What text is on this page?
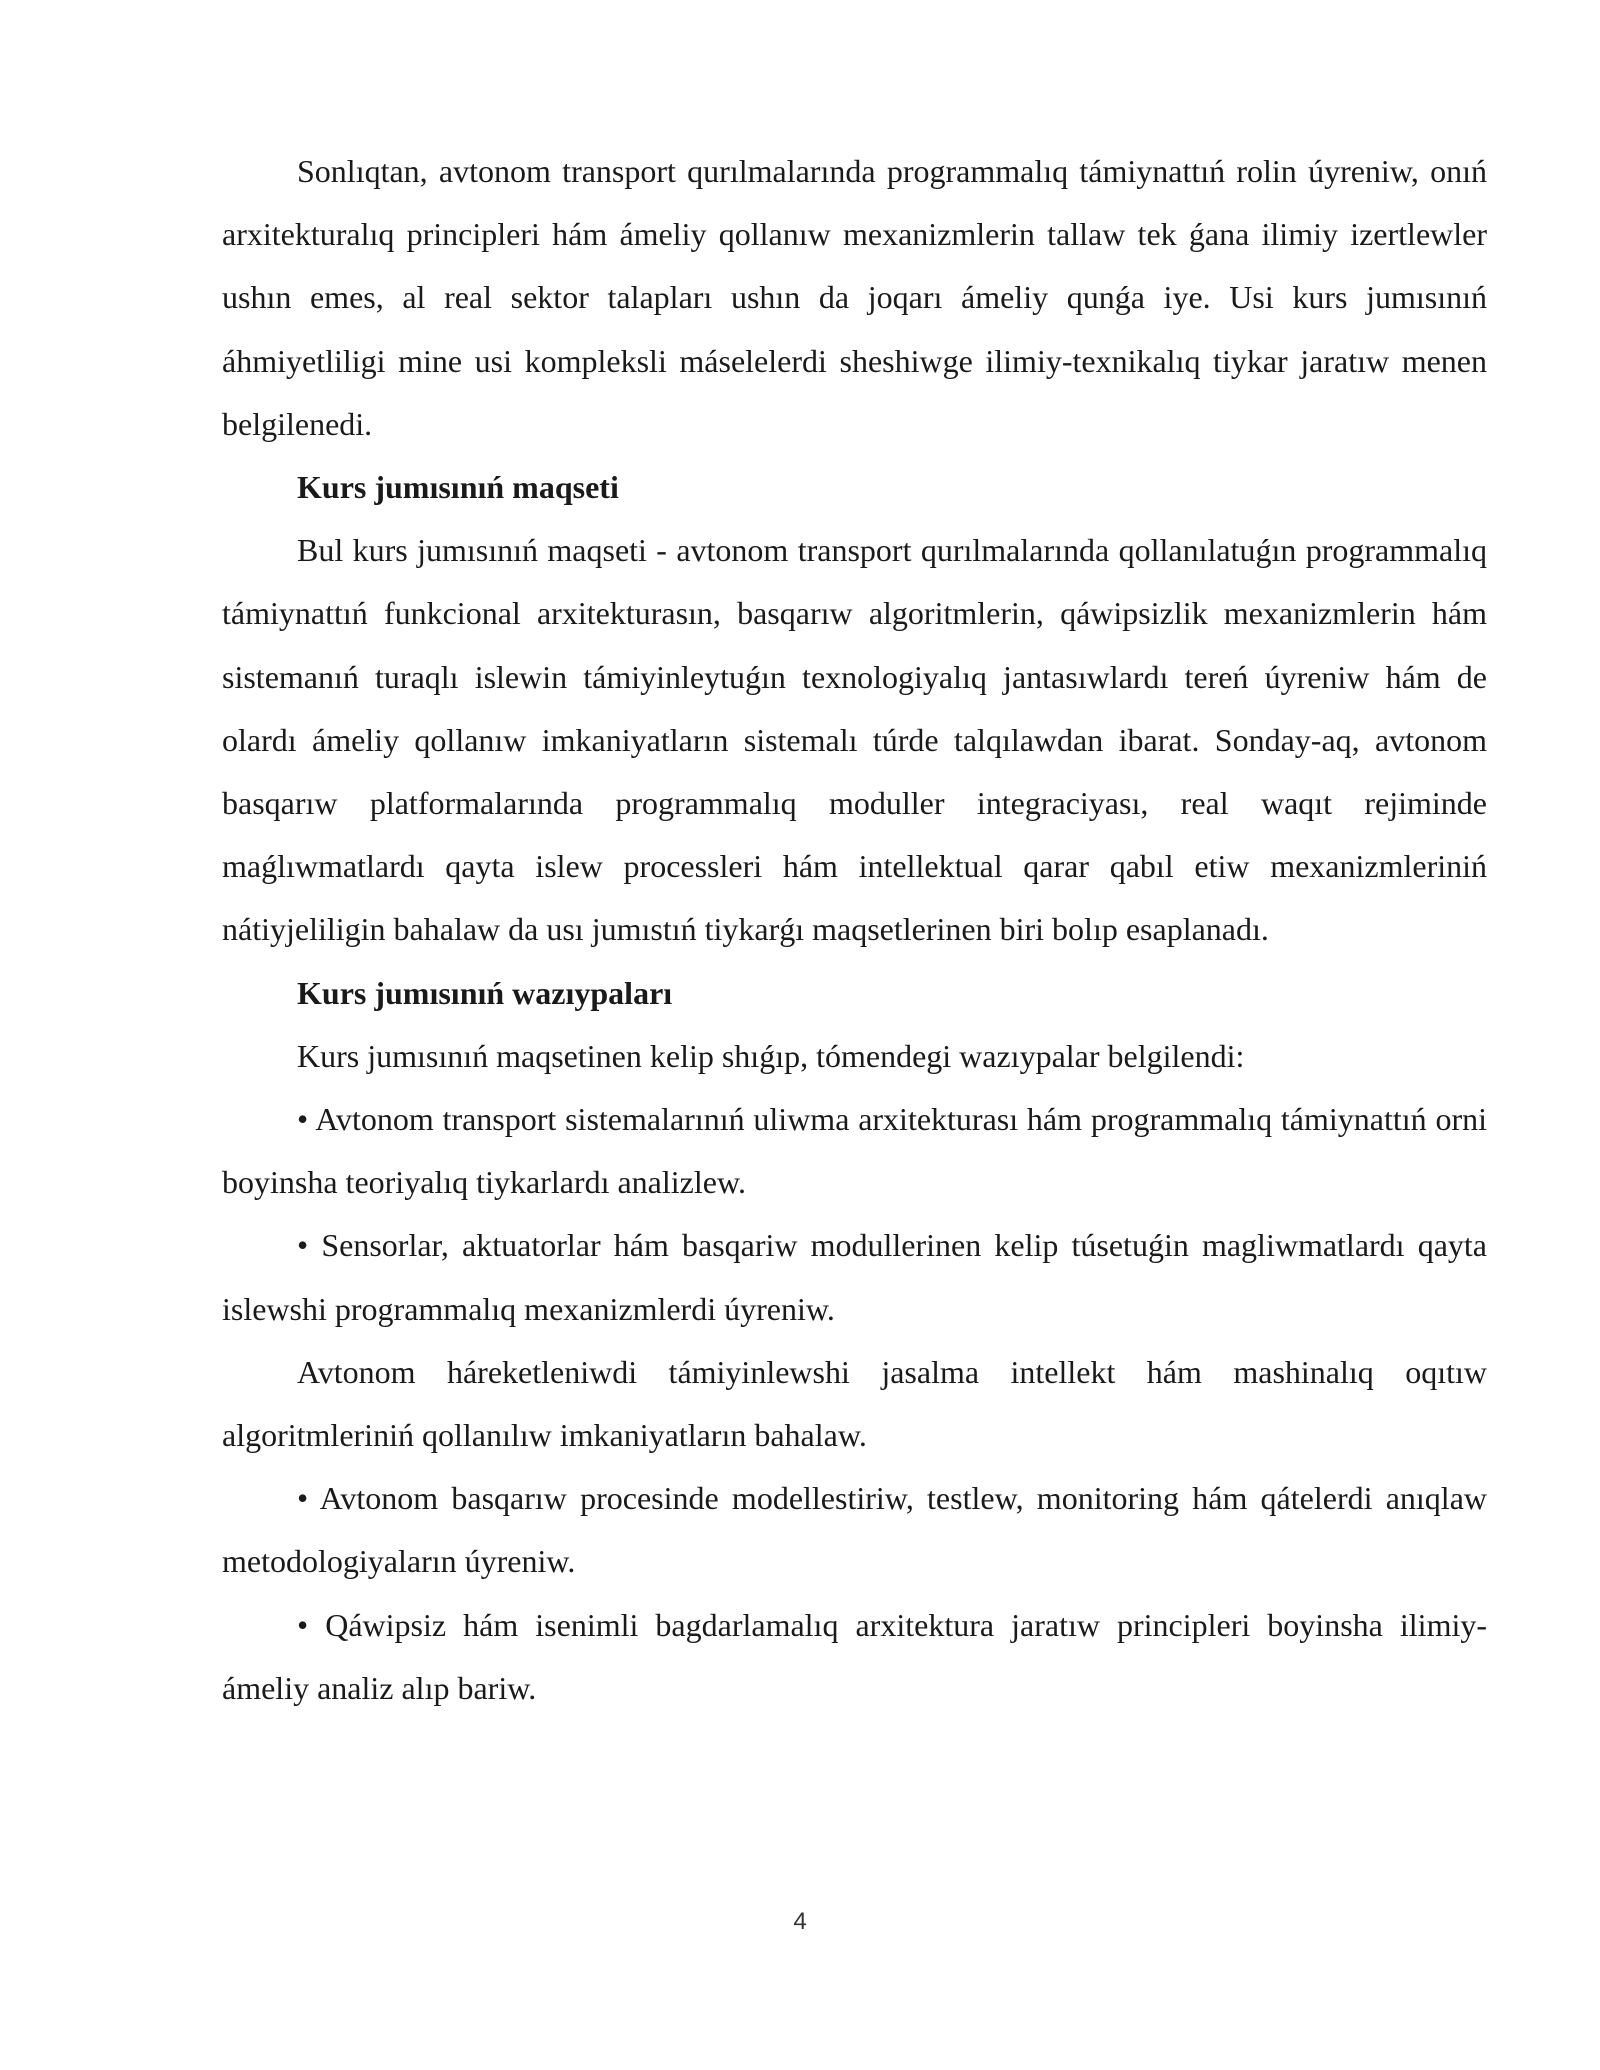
Sonlıqtan, avtonom transport qurılmalarında programmalıq támiynattıń rolin úyreniw, onıń arxitekturalıq principleri hám ámeliy qollanıw mexanizmlerin tallaw tek ǵana ilimiy izertlewler ushın emes, al real sektor talapları ushın da joqarı ámeliy qunǵa iye. Usi kurs jumısınıń áhmiyetliligi mine usi kompleksli máselelerdi sheshiwge ilimiy-texnikalıq tiykar jaratıw menen belgilenedi.

Kurs jumısınıń maqseti

Bul kurs jumısınıń maqseti - avtonom transport qurılmalarında qollanılatuǵın programmalıq támiynattıń funkcional arxitekturasın, basqarıw algoritmlerin, qáwipsizlik mexanizmlerin hám sistemanıń turaqlı islewin támiyinleytuǵın texnologiyalıq jantasıwlardı tereń úyreniw hám de olardı ámeliy qollanıw imkaniyatların sistemalı túrde talqılawdan ibarat. Sonday-aq, avtonom basqarıw platformalarında programmalıq moduller integraciyası, real waqıt rejiminde maǵlıwmatlardı qayta islew processleri hám intellektual qarar qabıl etiw mexanizmleriniń nátiyjeliligin bahalaw da usı jumıstıń tiykarǵı maqsetlerinen biri bolıp esaplanadı.

Kurs jumısınıń wazıypaları

Kurs jumısınıń maqsetinen kelip shıǵıp, tómendegi wazıypalar belgilendi:

• Avtonom transport sistemalarınıń uliwma arxitekturası hám programmalıq támiynattıń orni boyinsha teoriyalıq tiykarlardı analizlew.

• Sensorlar, aktuatorlar hám basqariw modullerinen kelip túsetuǵin magliwmatlardı qayta islewshi programmalıq mexanizmlerdi úyreniw.

Avtonom háreketleniwdi támiyinlewshi jasalma intellekt hám mashinalıq oqıtıw algoritmleriniń qollanılıw imkaniyatların bahalaw.

• Avtonom basqarıw procesinde modellestiriw, testlew, monitoring hám qátelerdi anıqlaw metodologiyaların úyreniw.

• Qáwipsiz hám isenimli bagdarlamalıq arxitektura jaratıw principleri boyinsha ilimiy-ámeliy analiz alıp bariw.

4
